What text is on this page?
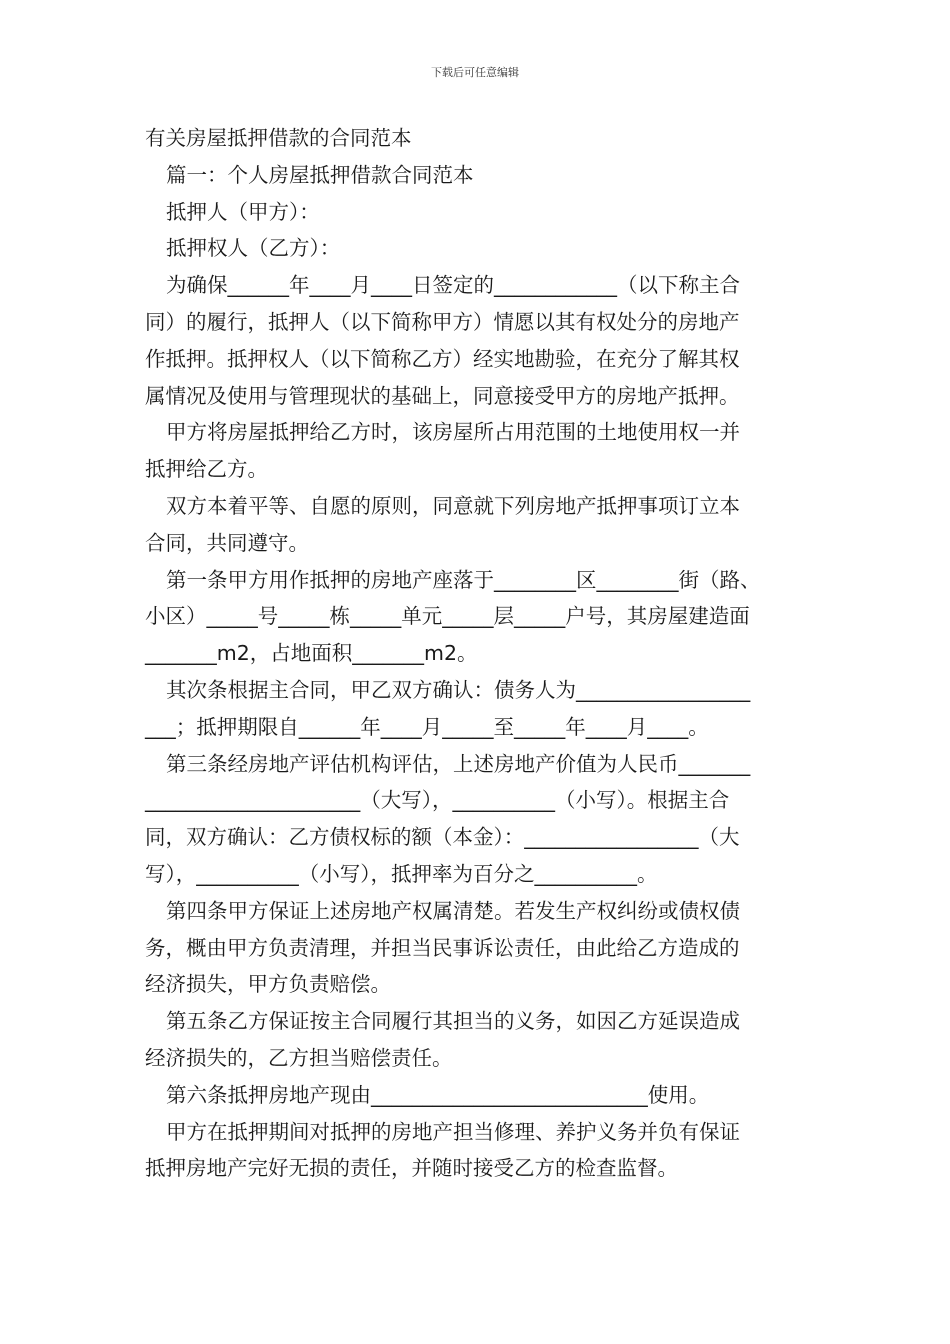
下载后可任意编辑
有关房屋抵押借款的合同范本
篇一：个人房屋抵押借款合同范本
抵押人（甲方）：
抵押权人（乙方）：
为确保______年____月____日签定的____________（以下称主合
同）的履行，抵押人（以下简称甲方）情愿以其有权处分的房地产
作抵押。抵押权人（以下简称乙方）经实地勘验，在充分了解其权
属情况及使用与管理现状的基础上，同意接受甲方的房地产抵押。
甲方将房屋抵押给乙方时，该房屋所占用范围的土地使用权一并
抵押给乙方。
双方本着平等、自愿的原则，同意就下列房地产抵押事项订立本
合同，共同遵守。
第一条甲方用作抵押的房地产座落于________区________街（路、
小区）_____号_____栋_____单元_____层_____户号，其房屋建造面
_______m2，占地面积_______m2。
其次条根据主合同，甲乙双方确认：债务人为_________________
___；抵押期限自______年____月_____至_____年____月____。
第三条经房地产评估机构评估，上述房地产价值为人民币_______
_____________________（大写），__________（小写）。根据主合
同，双方确认：乙方债权标的额（本金）：_________________（大
写），__________（小写），抵押率为百分之__________。
第四条甲方保证上述房地产权属清楚。若发生产权纠纷或债权债
务，概由甲方负责清理，并担当民事诉讼责任，由此给乙方造成的
经济损失，甲方负责赔偿。
第五条乙方保证按主合同履行其担当的义务，如因乙方延误造成
经济损失的，乙方担当赔偿责任。
第六条抵押房地产现由___________________________使用。
甲方在抵押期间对抵押的房地产担当修理、养护义务并负有保证
抵押房地产完好无损的责任，并随时接受乙方的检查监督。
